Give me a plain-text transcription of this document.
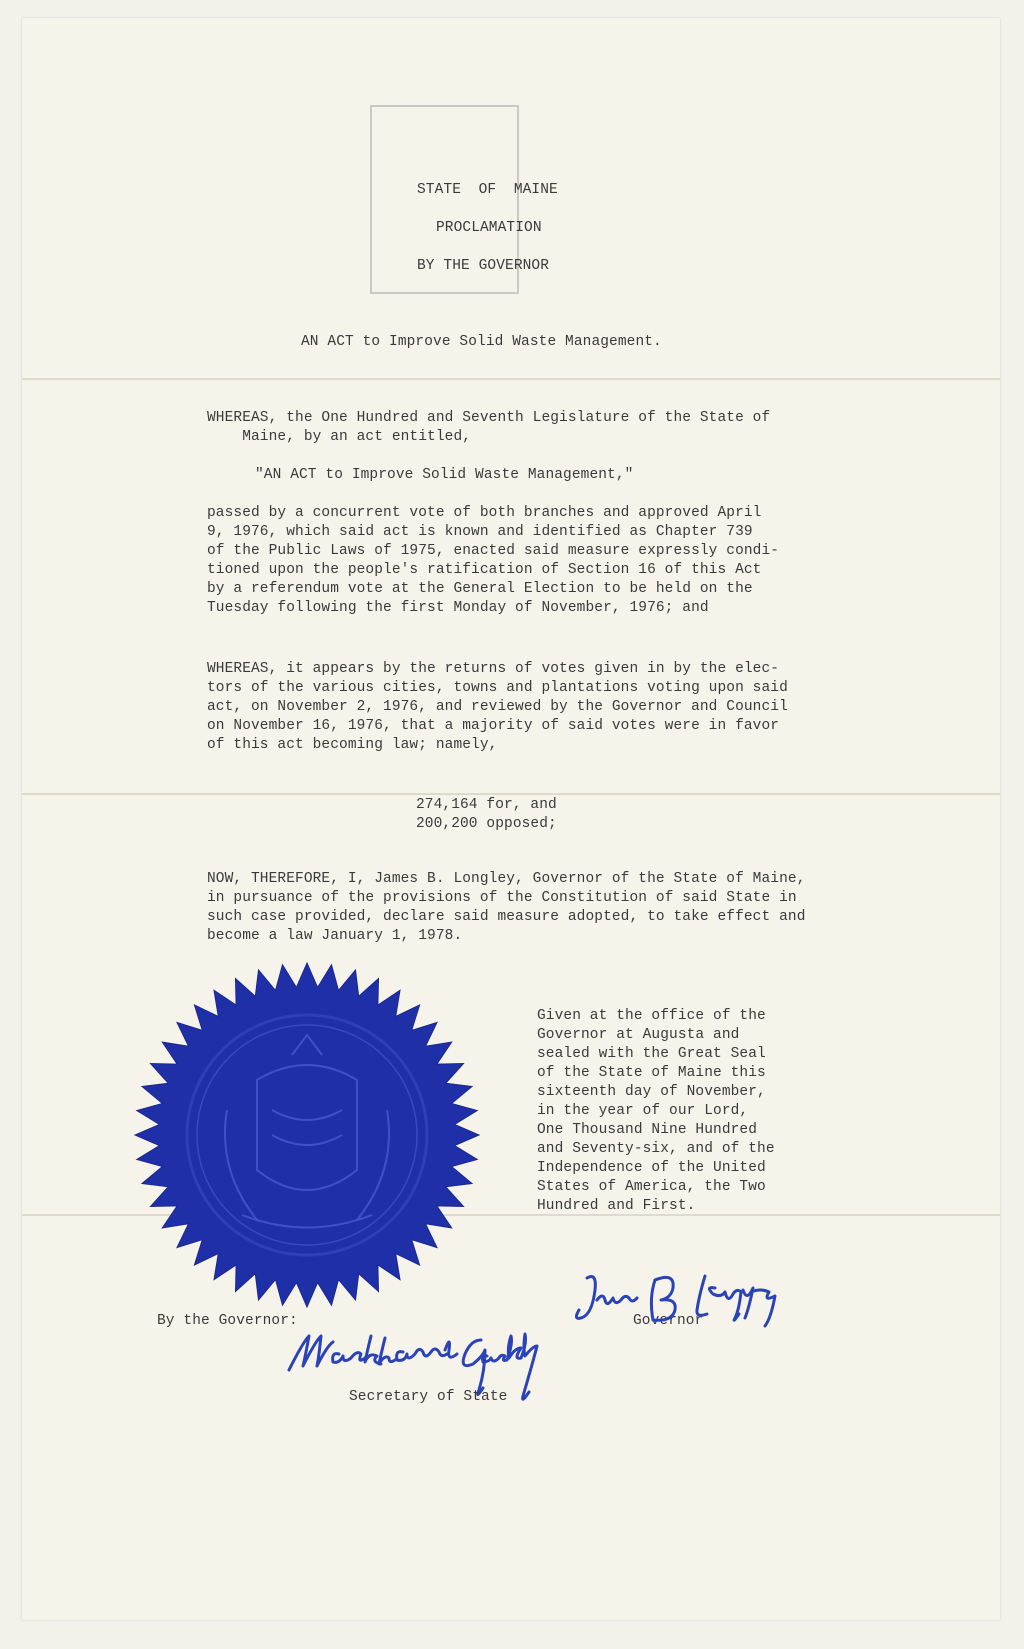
STATE  OF  MAINE
PROCLAMATION
BY THE GOVERNOR
AN ACT to Improve Solid Waste Management.
WHEREAS, the One Hundred and Seventh Legislature of the State of
Maine, by an act entitled,
"AN ACT to Improve Solid Waste Management,"
passed by a concurrent vote of both branches and approved April
9, 1976, which said act is known and identified as Chapter 739
of the Public Laws of 1975, enacted said measure expressly condi-
tioned upon the people's ratification of Section 16 of this Act
by a referendum vote at the General Election to be held on the
Tuesday following the first Monday of November, 1976; and
WHEREAS, it appears by the returns of votes given in by the elec-
tors of the various cities, towns and plantations voting upon said
act, on November 2, 1976, and reviewed by the Governor and Council
on November 16, 1976, that a majority of said votes were in favor
of this act becoming law; namely,
274,164 for, and
200,200 opposed;
NOW, THEREFORE, I, James B. Longley, Governor of the State of Maine,
in pursuance of the provisions of the Constitution of said State in
such case provided, declare said measure adopted, to take effect and
become a law January 1, 1978.
Given at the office of the
Governor at Augusta and
sealed with the Great Seal
of the State of Maine this
sixteenth day of November,
in the year of our Lord,
One Thousand Nine Hundred
and Seventy-six, and of the
Independence of the United
States of America, the Two
Hundred and First.
By the Governor:	Governor
Secretary of State
